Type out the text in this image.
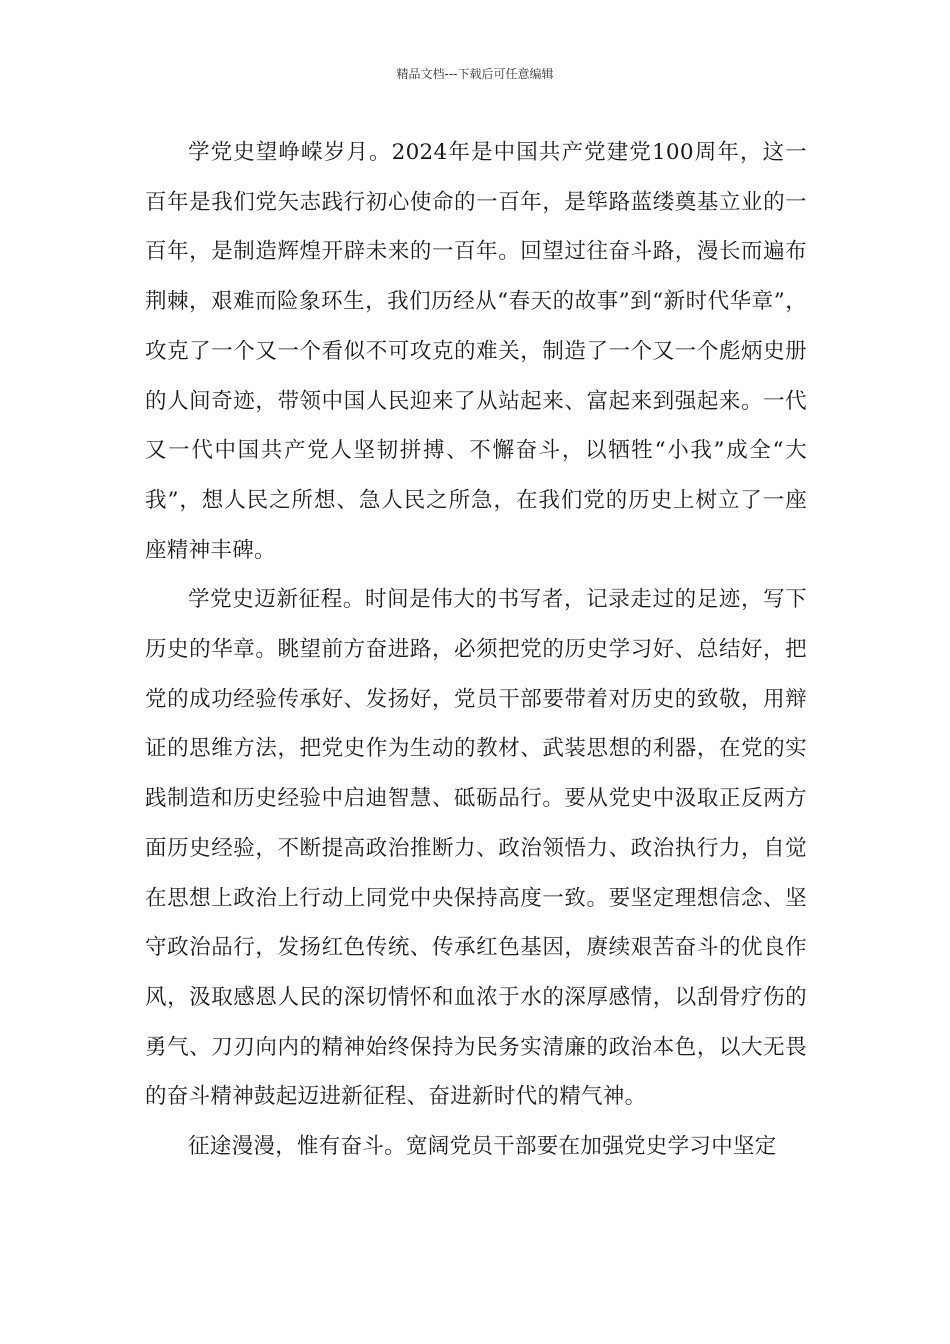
精品文档---下载后可任意编辑

学党史望峥嵘岁月。2024年是中国共产党建党100周年，这一百年是我们党矢志践行初心使命的一百年，是筚路蓝缕奠基立业的一百年，是制造辉煌开辟未来的一百年。回望过往奋斗路，漫长而遍布荆棘，艰难而险象环生，我们历经从“春天的故事”到“新时代华章”，攻克了一个又一个看似不可攻克的难关，制造了一个又一个彪炳史册的人间奇迹，带领中国人民迎来了从站起来、富起来到强起来。一代又一代中国共产党人坚韧拼搏、不懈奋斗，以牺牲“小我”成全“大我”，想人民之所想、急人民之所急，在我们党的历史上树立了一座座精神丰碑。

学党史迈新征程。时间是伟大的书写者，记录走过的足迹，写下历史的华章。眺望前方奋进路，必须把党的历史学习好、总结好，把党的成功经验传承好、发扬好，党员干部要带着对历史的致敬，用辩证的思维方法，把党史作为生动的教材、武装思想的利器，在党的实践制造和历史经验中启迪智慧、砥砺品行。要从党史中汲取正反两方面历史经验，不断提高政治推断力、政治领悟力、政治执行力，自觉在思想上政治上行动上同党中央保持高度一致。要坚定理想信念、坚守政治品行，发扬红色传统、传承红色基因，赓续艰苦奋斗的优良作风，汲取感恩人民的深切情怀和血浓于水的深厚感情，以刮骨疗伤的勇气、刀刃向内的精神始终保持为民务实清廉的政治本色，以大无畏的奋斗精神鼓起迈进新征程、奋进新时代的精气神。

征途漫漫，惟有奋斗。宽阔党员干部要在加强党史学习中坚定
